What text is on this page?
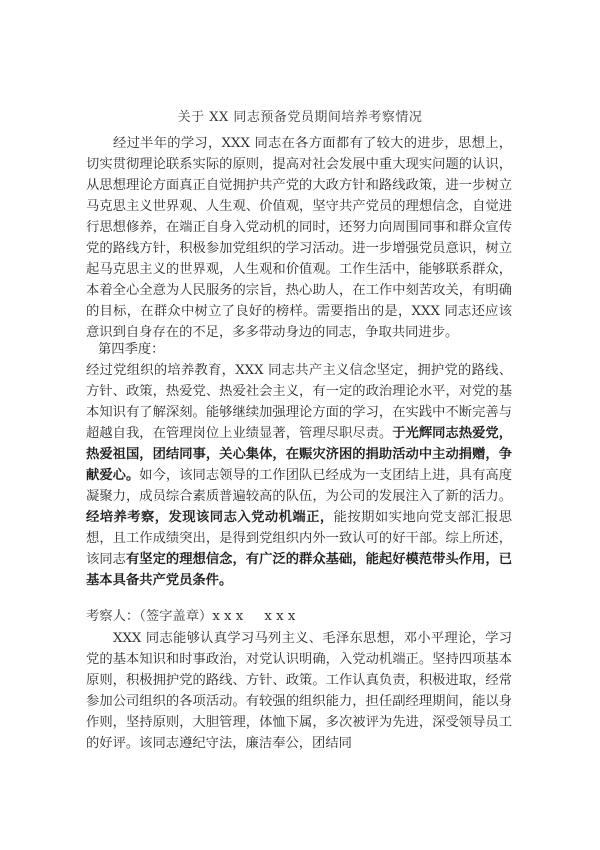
关于 XX 同志预备党员期间培养考察情况

经过半年的学习，XXX 同志在各方面都有了较大的进步，思想上，切实贯彻理论联系实际的原则，提高对社会发展中重大现实问题的认识，从思想理论方面真正自觉拥护共产党的大政方针和路线政策，进一步树立马克思主义世界观、人生观、价值观，坚守共产党员的理想信念，自觉进行思想修养，在端正自身入党动机的同时，还努力向周围同事和群众宣传党的路线方针，积极参加党组织的学习活动。进一步增强党员意识，树立起马克思主义的世界观，人生观和价值观。工作生活中，能够联系群众，本着全心全意为人民服务的宗旨，热心助人，在工作中刻苦攻关，有明确的目标，在群众中树立了良好的榜样。需要指出的是，XXX 同志还应该意识到自身存在的不足，多多带动身边的同志，争取共同进步。

第四季度：

经过党组织的培养教育，XXX 同志共产主义信念坚定，拥护党的路线、方针、政策，热爱党、热爱社会主义，有一定的政治理论水平，对党的基本知识有了解深刻。能够继续加强理论方面的学习，在实践中不断完善与超越自我，在管理岗位上业绩显著，管理尽职尽责。于光辉同志热爱党，热爱祖国，团结同事，关心集体，在赈灾济困的捐助活动中主动捐赠，争献爱心。如今，该同志领导的工作团队已经成为一支团结上进，具有高度凝聚力，成员综合素质普遍较高的队伍，为公司的发展注入了新的活力。经培养考察，发现该同志入党动机端正，能按期如实地向党支部汇报思想，且工作成绩突出，是得到党组织内外一致认可的好干部。综上所述，该同志有坚定的理想信念，有广泛的群众基础，能起好模范带头作用，已基本具备共产党员条件。

考察人：（签字盖章）x x x     x x x

XXX 同志能够认真学习马列主义、毛泽东思想，邓小平理论，学习党的基本知识和时事政治，对党认识明确，入党动机端正。坚持四项基本原则，积极拥护党的路线、方针、政策。工作认真负责，积极进取，经常参加公司组织的各项活动。有较强的组织能力，担任副经理期间，能以身作则，坚持原则，大胆管理，体恤下属，多次被评为先进，深受领导员工的好评。该同志遵纪守法，廉洁奉公，团结同
